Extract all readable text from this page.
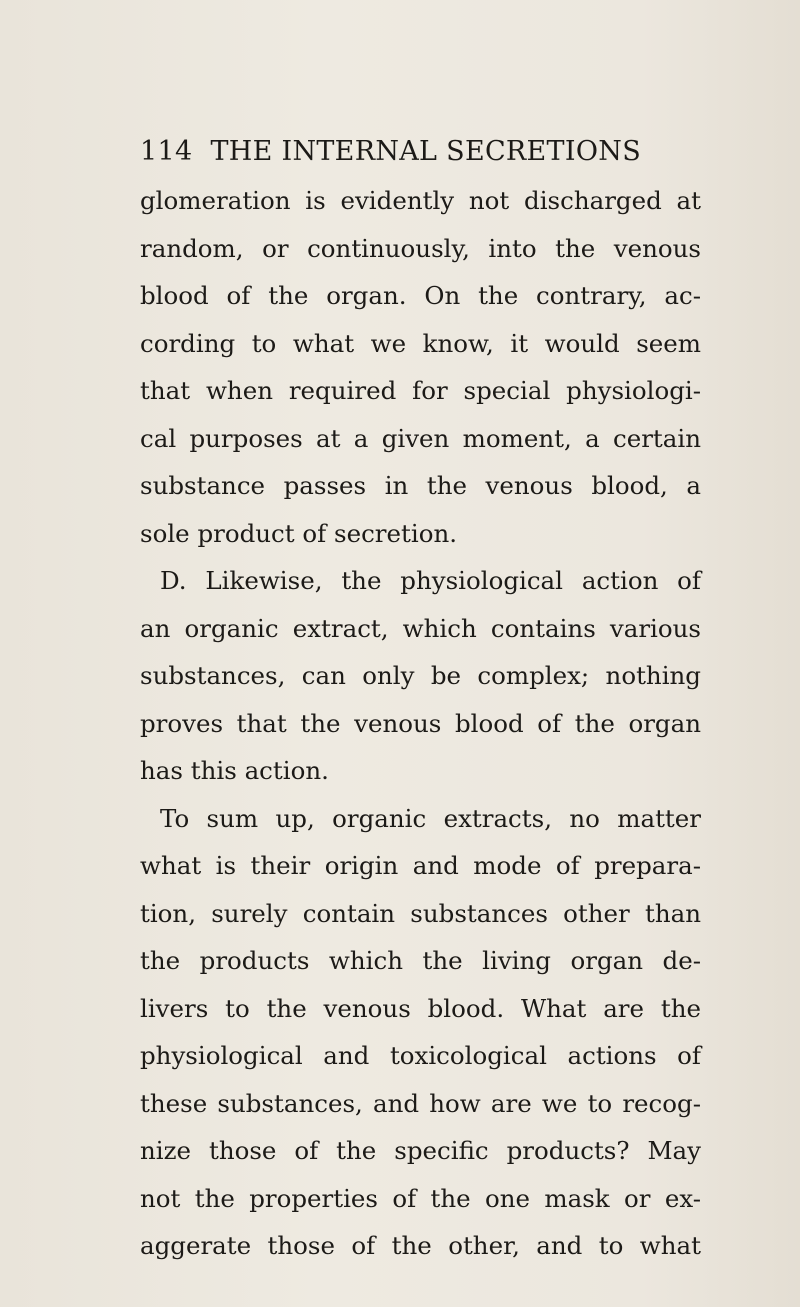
114 THE INTERNAL SECRETIONS
glomeration is evidently not discharged at
random, or continuously, into the venous
blood of the organ. On the contrary, ac-
cording to what we know, it would seem
that when required for special physiologi-
cal purposes at a given moment, a certain
substance passes in the venous blood, a
sole product of secretion.
D. Likewise, the physiological action of
an organic extract, which contains various
substances, can only be complex; nothing
proves that the venous blood of the organ
has this action.
To sum up, organic extracts, no matter
what is their origin and mode of prepara-
tion, surely contain substances other than
the products which the living organ de-
livers to the venous blood. What are the
physiological and toxicological actions of
these substances, and how are we to recog-
nize those of the specific products? May
not the properties of the one mask or ex-
aggerate those of the other, and to what
